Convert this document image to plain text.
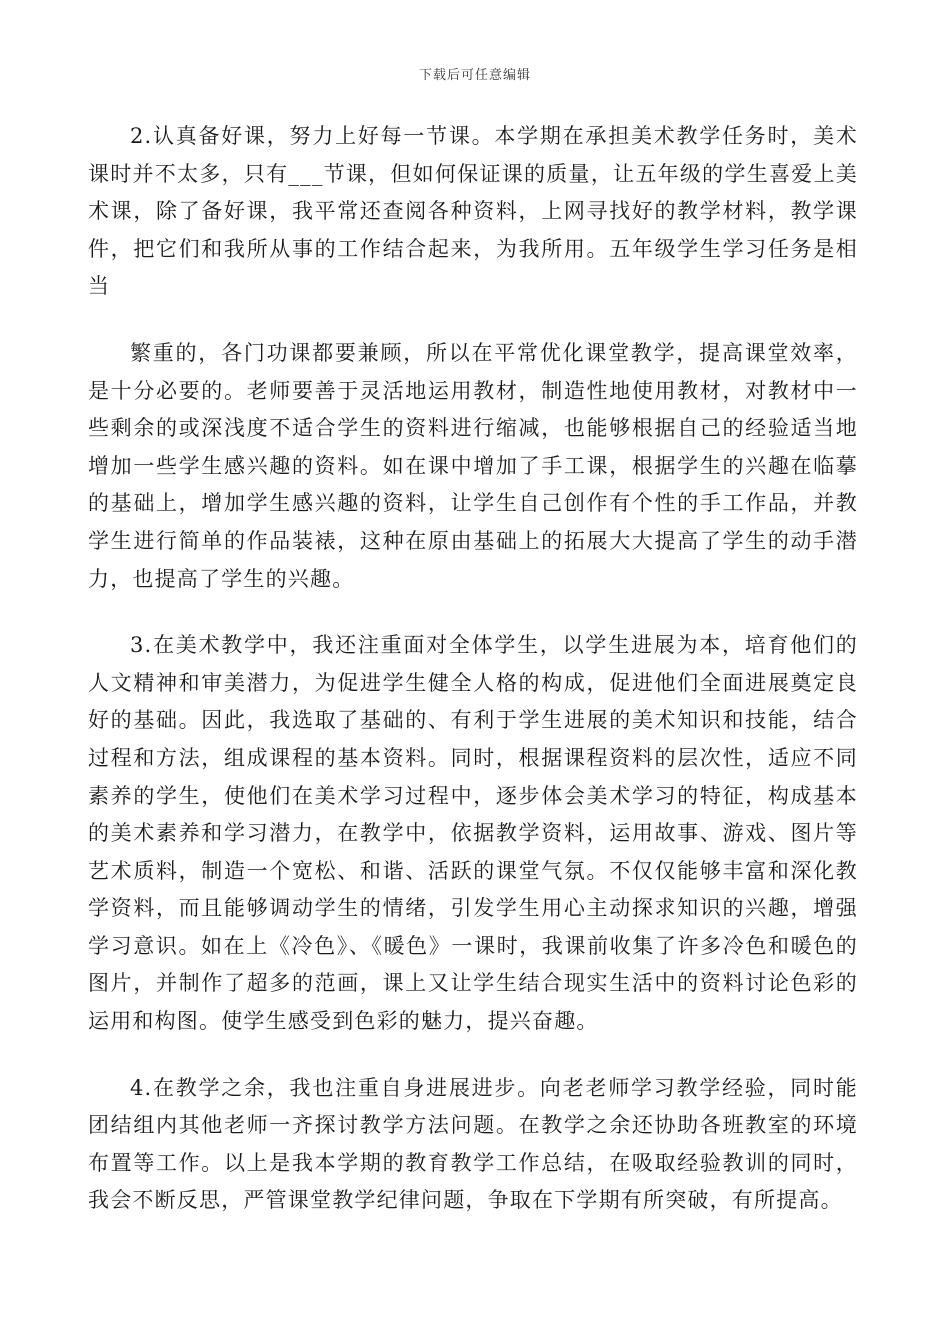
下载后可任意编辑

2.认真备好课，努力上好每一节课。本学期在承担美术教学任务时，美术课时并不太多，只有___节课，但如何保证课的质量，让五年级的学生喜爱上美术课，除了备好课，我平常还查阅各种资料，上网寻找好的教学材料，教学课件，把它们和我所从事的工作结合起来，为我所用。五年级学生学习任务是相当

繁重的，各门功课都要兼顾，所以在平常优化课堂教学，提高课堂效率，是十分必要的。老师要善于灵活地运用教材，制造性地使用教材，对教材中一些剩余的或深浅度不适合学生的资料进行缩减，也能够根据自己的经验适当地增加一些学生感兴趣的资料。如在课中增加了手工课，根据学生的兴趣在临摹的基础上，增加学生感兴趣的资料，让学生自己创作有个性的手工作品，并教学生进行简单的作品装裱，这种在原由基础上的拓展大大提高了学生的动手潜力，也提高了学生的兴趣。

3.在美术教学中，我还注重面对全体学生，以学生进展为本，培育他们的人文精神和审美潜力，为促进学生健全人格的构成，促进他们全面进展奠定良好的基础。因此，我选取了基础的、有利于学生进展的美术知识和技能，结合过程和方法，组成课程的基本资料。同时，根据课程资料的层次性，适应不同素养的学生，使他们在美术学习过程中，逐步体会美术学习的特征，构成基本的美术素养和学习潜力，在教学中，依据教学资料，运用故事、游戏、图片等艺术质料，制造一个宽松、和谐、活跃的课堂气氛。不仅仅能够丰富和深化教学资料，而且能够调动学生的情绪，引发学生用心主动探求知识的兴趣，增强学习意识。如在上《冷色》、《暖色》一课时，我课前收集了许多冷色和暖色的图片，并制作了超多的范画，课上又让学生结合现实生活中的资料讨论色彩的运用和构图。使学生感受到色彩的魅力，提兴奋趣。

4.在教学之余，我也注重自身进展进步。向老老师学习教学经验，同时能团结组内其他老师一齐探讨教学方法问题。在教学之余还协助各班教室的环境布置等工作。以上是我本学期的教育教学工作总结，在吸取经验教训的同时，我会不断反思，严管课堂教学纪律问题，争取在下学期有所突破，有所提高。
